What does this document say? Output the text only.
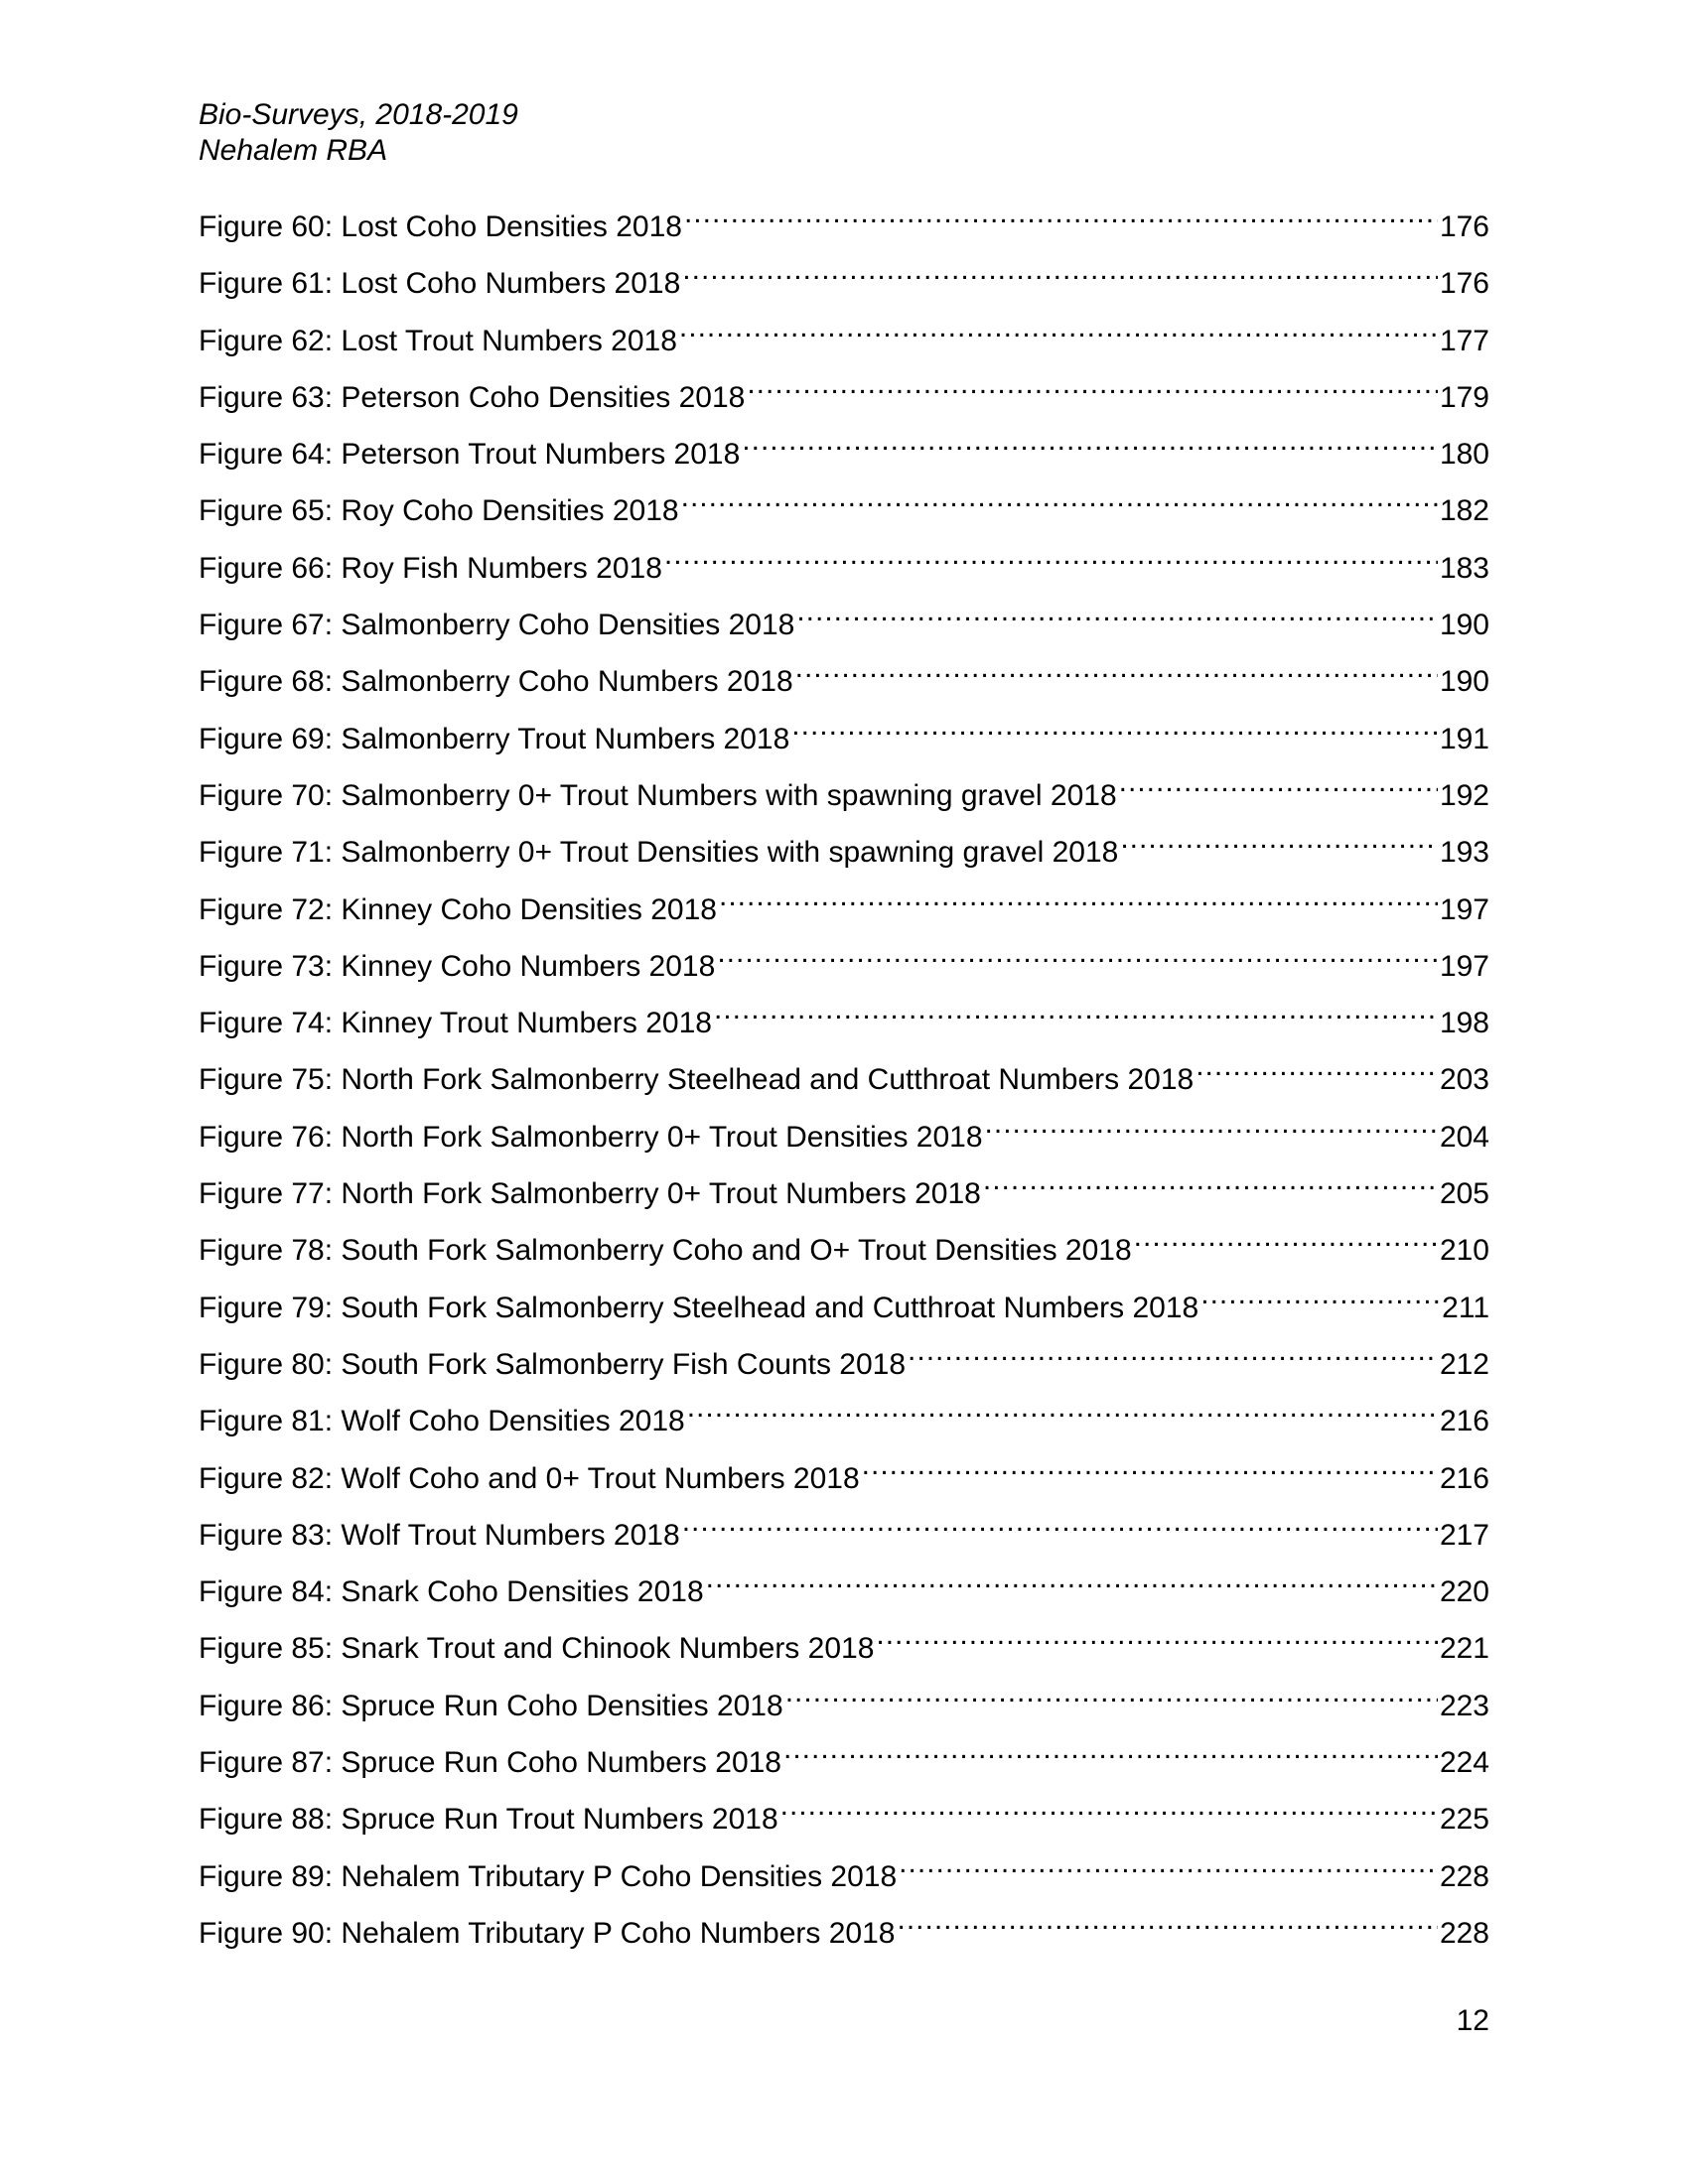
Bio-Surveys, 2018-2019
Nehalem RBA
Figure 60: Lost Coho Densities 2018 .....	176
Figure 61: Lost Coho Numbers 2018 .....	176
Figure 62: Lost Trout Numbers 2018 .....	177
Figure 63: Peterson Coho Densities 2018 .....	179
Figure 64: Peterson Trout Numbers 2018 .....	180
Figure 65: Roy Coho Densities 2018 .....	182
Figure 66: Roy Fish Numbers 2018 .....	183
Figure 67: Salmonberry Coho Densities 2018 .....	190
Figure 68: Salmonberry Coho Numbers 2018 .....	190
Figure 69: Salmonberry Trout Numbers 2018 .....	191
Figure 70: Salmonberry 0+ Trout Numbers with spawning gravel 2018 .....	192
Figure 71: Salmonberry 0+ Trout Densities with spawning gravel 2018 .....	193
Figure 72: Kinney Coho Densities 2018 .....	197
Figure 73: Kinney Coho Numbers 2018 .....	197
Figure 74: Kinney Trout Numbers 2018 .....	198
Figure 75: North Fork Salmonberry Steelhead and Cutthroat Numbers 2018 .....	203
Figure 76: North Fork Salmonberry 0+ Trout Densities 2018 .....	204
Figure 77: North Fork Salmonberry 0+ Trout Numbers 2018 .....	205
Figure 78: South Fork Salmonberry Coho and O+ Trout Densities 2018 .....	210
Figure 79: South Fork Salmonberry Steelhead and Cutthroat Numbers 2018 .....	211
Figure 80: South Fork Salmonberry Fish Counts 2018 .....	212
Figure 81: Wolf Coho Densities 2018 .....	216
Figure 82: Wolf Coho and 0+ Trout Numbers 2018 .....	216
Figure 83: Wolf Trout Numbers 2018 .....	217
Figure 84: Snark Coho Densities 2018 .....	220
Figure 85: Snark Trout and Chinook Numbers 2018 .....	221
Figure 86: Spruce Run Coho Densities 2018 .....	223
Figure 87: Spruce Run Coho Numbers 2018 .....	224
Figure 88: Spruce Run Trout Numbers 2018 .....	225
Figure 89: Nehalem Tributary P Coho Densities 2018 .....	228
Figure 90: Nehalem Tributary P Coho Numbers 2018 .....	228
12
